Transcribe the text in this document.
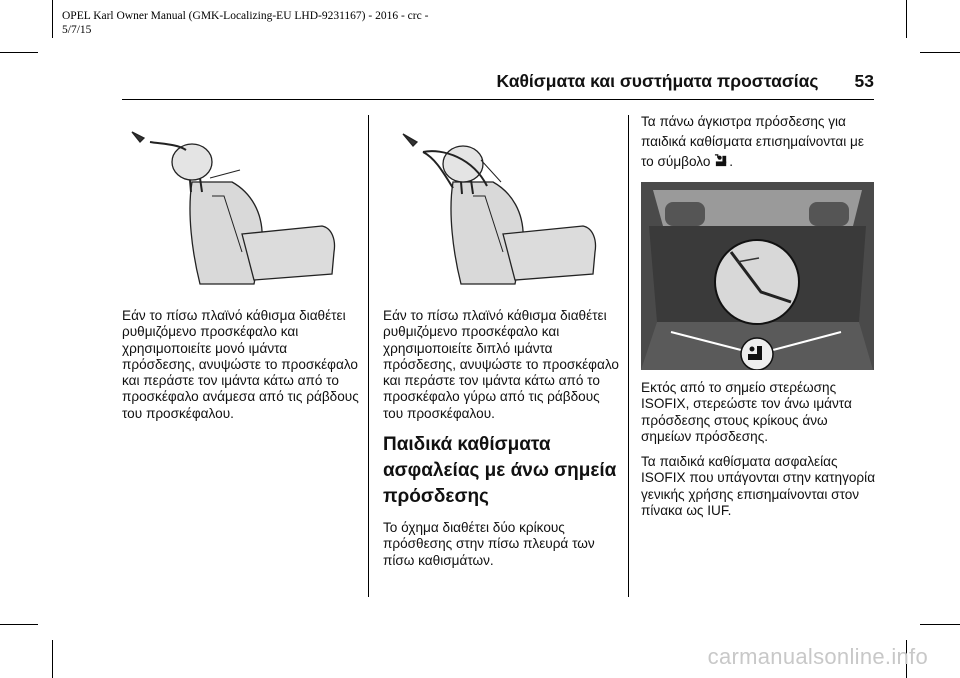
OPEL Karl Owner Manual (GMK-Localizing-EU LHD-9231167) - 2016 - crc -
5/7/15
Καθίσματα και συστήματα προστασίας 53

Εάν το πίσω πλαϊνό κάθισμα διαθέτει ρυθμιζόμενο προσκέφαλο και χρησιμοποιείτε μονό ιμάντα πρόσδεσης, ανυψώστε το προσκέφαλο και περάστε τον ιμάντα κάτω από το προσκέφαλο ανάμεσα από τις ράβδους του προσκέφαλου.

Εάν το πίσω πλαϊνό κάθισμα διαθέτει ρυθμιζόμενο προσκέφαλο και χρησιμοποιείτε διπλό ιμάντα πρόσδεσης, ανυψώστε το προσκέφαλο και περάστε τον ιμάντα κάτω από το προσκέφαλο γύρω από τις ράβδους του προσκέφαλου.

Παιδικά καθίσματα ασφαλείας με άνω σημεία πρόσδεσης

Το όχημα διαθέτει δύο κρίκους πρόσθεσης στην πίσω πλευρά των πίσω καθισμάτων.

Τα πάνω άγκιστρα πρόσδεσης για παιδικά καθίσματα επισημαίνονται με το σύμβολο .

Εκτός από το σημείο στερέωσης ISOFIX, στερεώστε τον άνω ιμάντα πρόσδεσης στους κρίκους άνω σημείων πρόσδεσης.

Τα παιδικά καθίσματα ασφαλείας ISOFIX που υπάγονται στην κατηγορία γενικής χρήσης επισημαίνονται στον πίνακα ως IUF.

carmanualsonline.info
